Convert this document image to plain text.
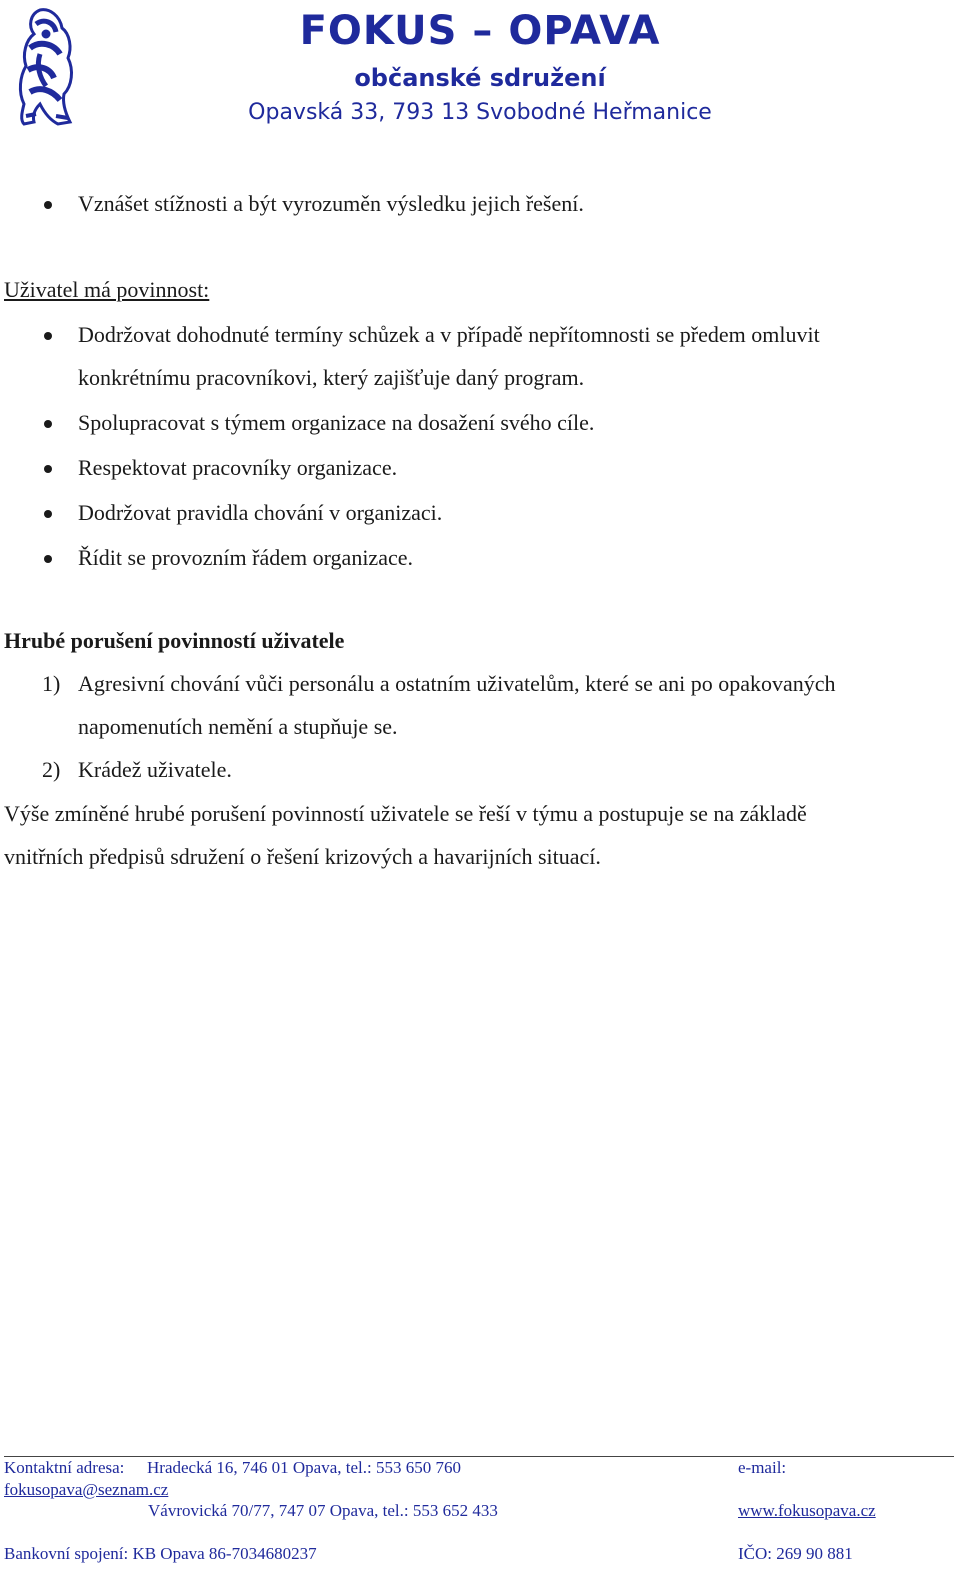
FOKUS – OPAVA
občanské sdružení
Opavská 33, 793 13 Svobodné Heřmanice
Vznášet stížnosti a být vyrozuměn výsledku jejich řešení.
Uživatel má povinnost:
Dodržovat dohodnuté termíny schůzek a v případě nepřítomnosti se předem omluvit
konkrétnímu pracovníkovi, který zajišťuje daný program.
Spolupracovat s týmem organizace na dosažení svého cíle.
Respektovat pracovníky organizace.
Dodržovat pravidla chování v organizaci.
Řídit se provozním řádem organizace.
Hrubé porušení povinností uživatele
1) Agresivní chování vůči personálu a ostatním uživatelům, které se ani po opakovaných
napomenutích nemění a stupňuje se.
2) Krádež uživatele.
Výše zmíněné hrubé porušení povinností uživatele se řeší v týmu a postupuje se na základě
vnitřních předpisů sdružení o řešení krizových a havarijních situací.
Kontaktní adresa: Hradecká 16, 746 01 Opava, tel.: 553 650 760	e-mail:
fokusopava@seznam.cz
Vávrovická 70/77, 747 07 Opava, tel.: 553 652 433	www.fokusopava.cz
Bankovní spojení: KB Opava 86-7034680237	IČO: 269 90 881
